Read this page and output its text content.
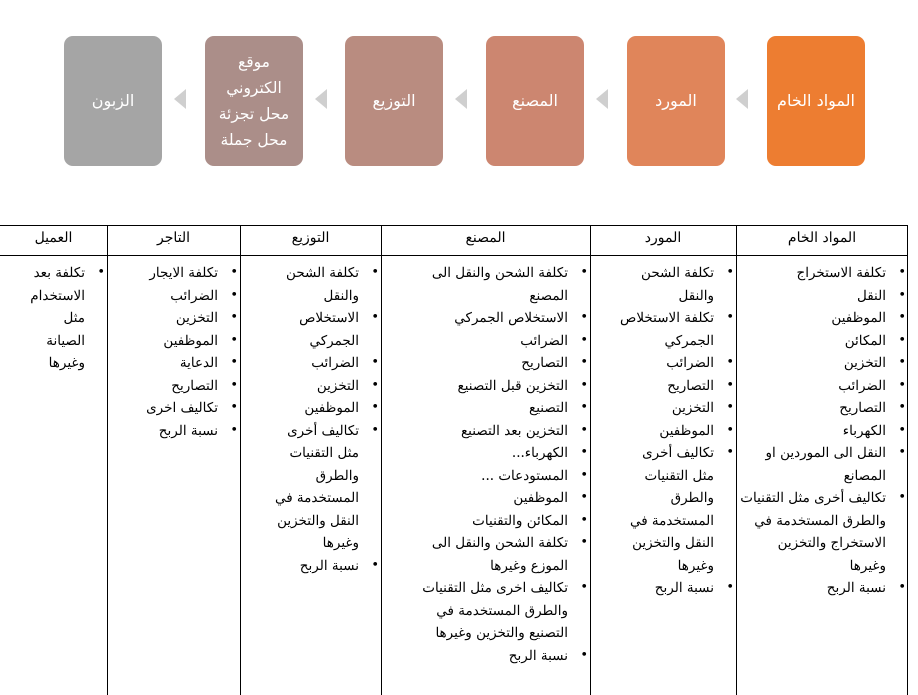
المواد الخام
المورد
المصنع
التوزيع
موقع الكتروني محل تجزئة محل جملة
الزبون
المواد الخام
• تكلفة الاستخراج
• النقل
• الموظفين
• المكائن
• التخزين
• الضرائب
• التصاريح
• الكهرباء
• النقل الى الموردين او المصانع
• تكاليف أخرى مثل التقنيات والطرق المستخدمة في الاستخراج والتخزين وغيرها
• نسبة الربح
المورد
• تكلفة الشحن والنقل
• تكلفة الاستخلاص الجمركي
• الضرائب
• التصاريح
• التخزين
• الموظفين
• تكاليف أخرى مثل التقنيات والطرق المستخدمة في النقل والتخزين وغيرها
• نسبة الربح
المصنع
• تكلفة الشحن والنقل الى المصنع
• الاستخلاص الجمركي
• الضرائب
• التصاريح
• التخزين قبل التصنيع
• التصنيع
• التخزين بعد التصنيع
• الكهرباء...
• المستودعات ...
• الموظفين
• المكائن والتقنيات
• تكلفة الشحن والنقل الى الموزع وغيرها
• تكاليف اخرى مثل التقنيات والطرق المستخدمة في التصنيع والتخزين وغيرها
• نسبة الربح
التوزيع
• تكلفة الشحن والنقل
• الاستخلاص الجمركي
• الضرائب
• التخزين
• الموظفين
• تكاليف أخرى مثل التقنيات والطرق المستخدمة في النقل والتخزين وغيرها
• نسبة الربح
التاجر
• تكلفة الايجار
• الضرائب
• التخزين
• الموظفين
• الدعاية
• التصاريح
• تكاليف اخرى
• نسبة الربح
العميل
• تكلفة بعد الاستخدام مثل الصيانة وغيرها
